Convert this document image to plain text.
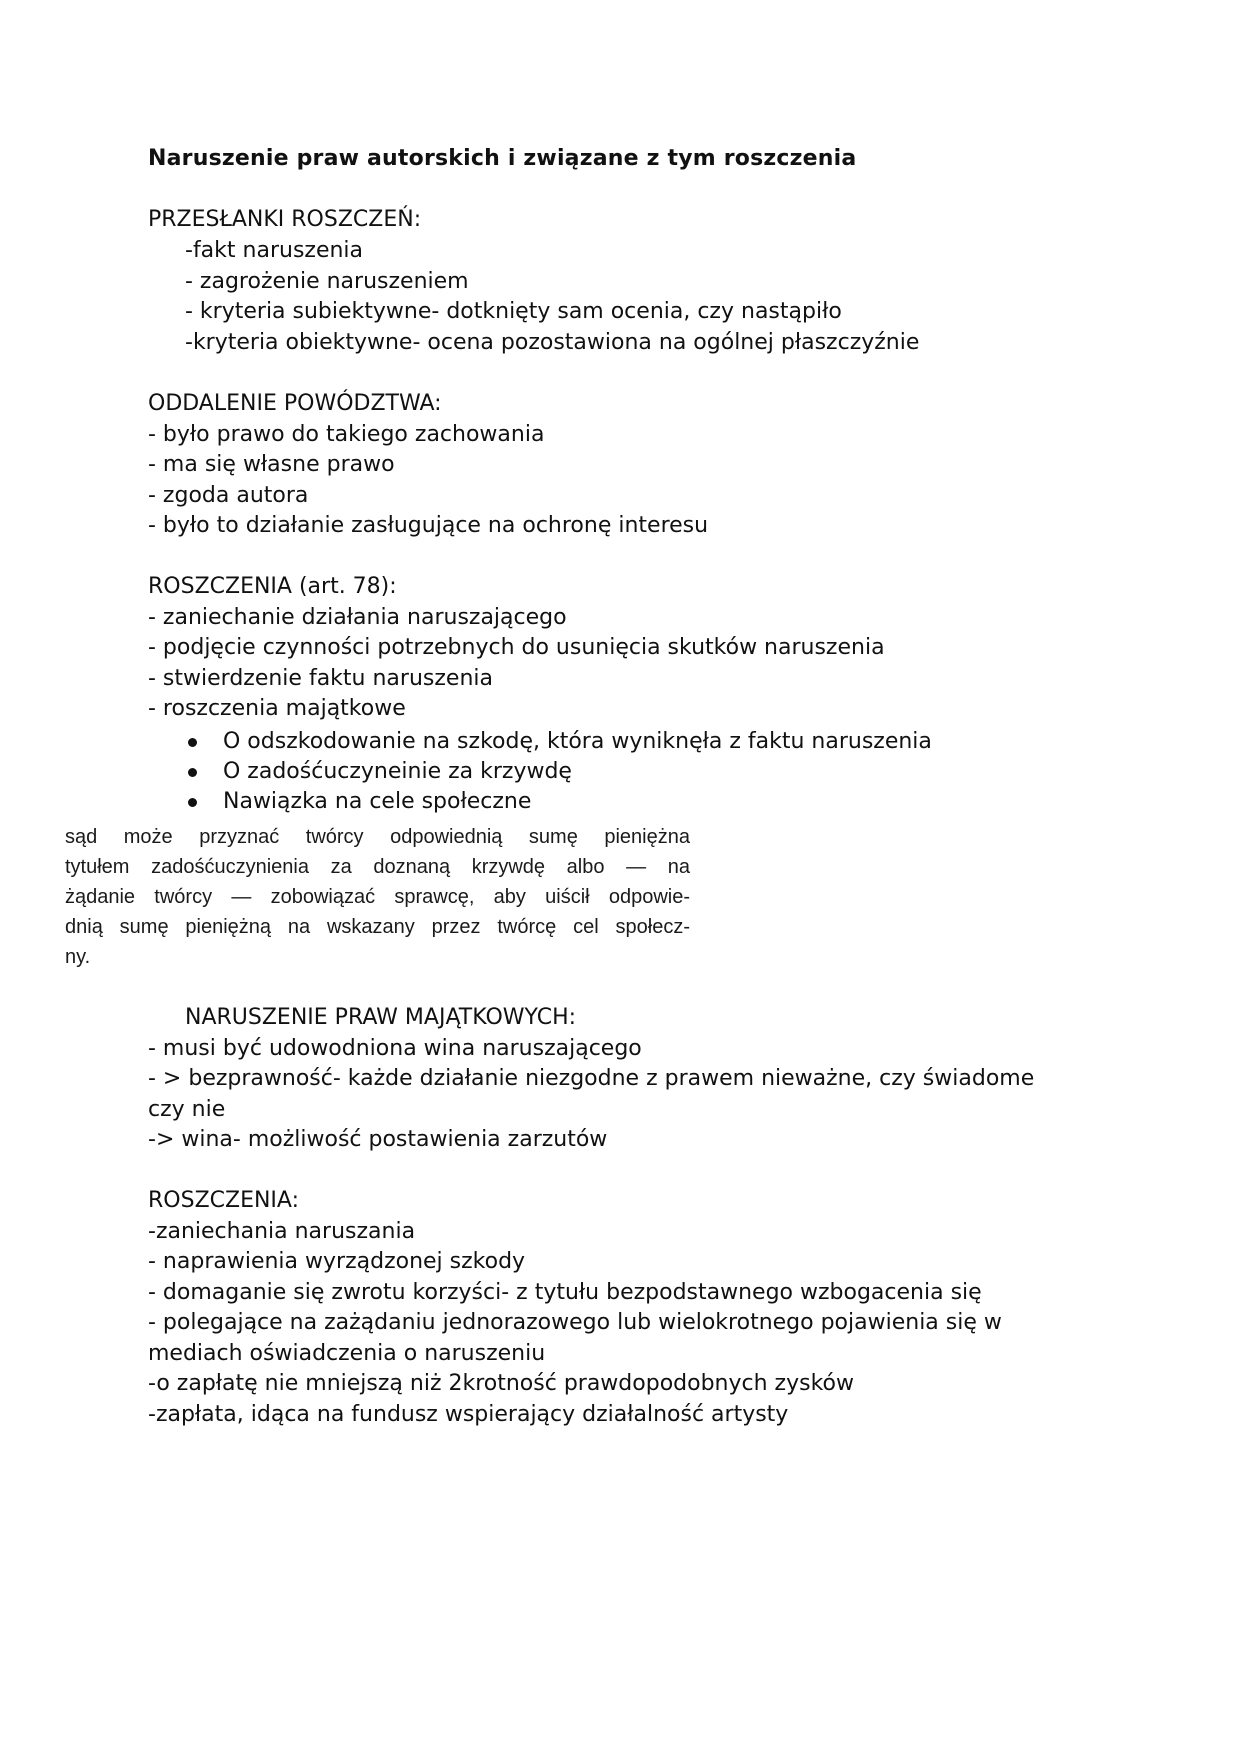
Naruszenie praw autorskich i związane z tym roszczenia
PRZESŁANKI ROSZCZEŃ:
-fakt naruszenia
- zagrożenie naruszeniem
- kryteria subiektywne- dotknięty sam ocenia, czy nastąpiło
-kryteria obiektywne- ocena pozostawiona na ogólnej płaszczyźnie
ODDALENIE POWÓDZTWA:
- było prawo do takiego zachowania
- ma się własne prawo
- zgoda autora
- było to działanie zasługujące na ochronę interesu
ROSZCZENIA (art. 78):
- zaniechanie działania naruszającego
- podjęcie czynności potrzebnych do usunięcia skutków naruszenia
- stwierdzenie faktu naruszenia
- roszczenia majątkowe
O odszkodowanie na szkodę, która wyniknęła z faktu naruszenia
O zadośćuczyneinie za krzywdę
Nawiązka na cele społeczne
sąd może przyznać twórcy odpowiednią sumę pieniężna
tytułem zadośćuczynienia za doznaną krzywdę albo — na
żądanie twórcy — zobowiązać sprawcę, aby uiścił odpowie-
dnią sumę pieniężną na wskazany przez twórcę cel społecz-
ny.
NARUSZENIE PRAW MAJĄTKOWYCH:
- musi być udowodniona wina naruszającego
- > bezprawność- każde działanie niezgodne z prawem nieważne, czy świadome
czy nie
-> wina- możliwość postawienia zarzutów
ROSZCZENIA:
-zaniechania naruszania
- naprawienia wyrządzonej szkody
- domaganie się zwrotu korzyści- z tytułu bezpodstawnego wzbogacenia się
- polegające na zażądaniu jednorazowego lub wielokrotnego pojawienia się w
mediach oświadczenia o naruszeniu
-o zapłatę nie mniejszą niż 2krotność prawdopodobnych zysków
-zapłata, idąca na fundusz wspierający działalność artysty
